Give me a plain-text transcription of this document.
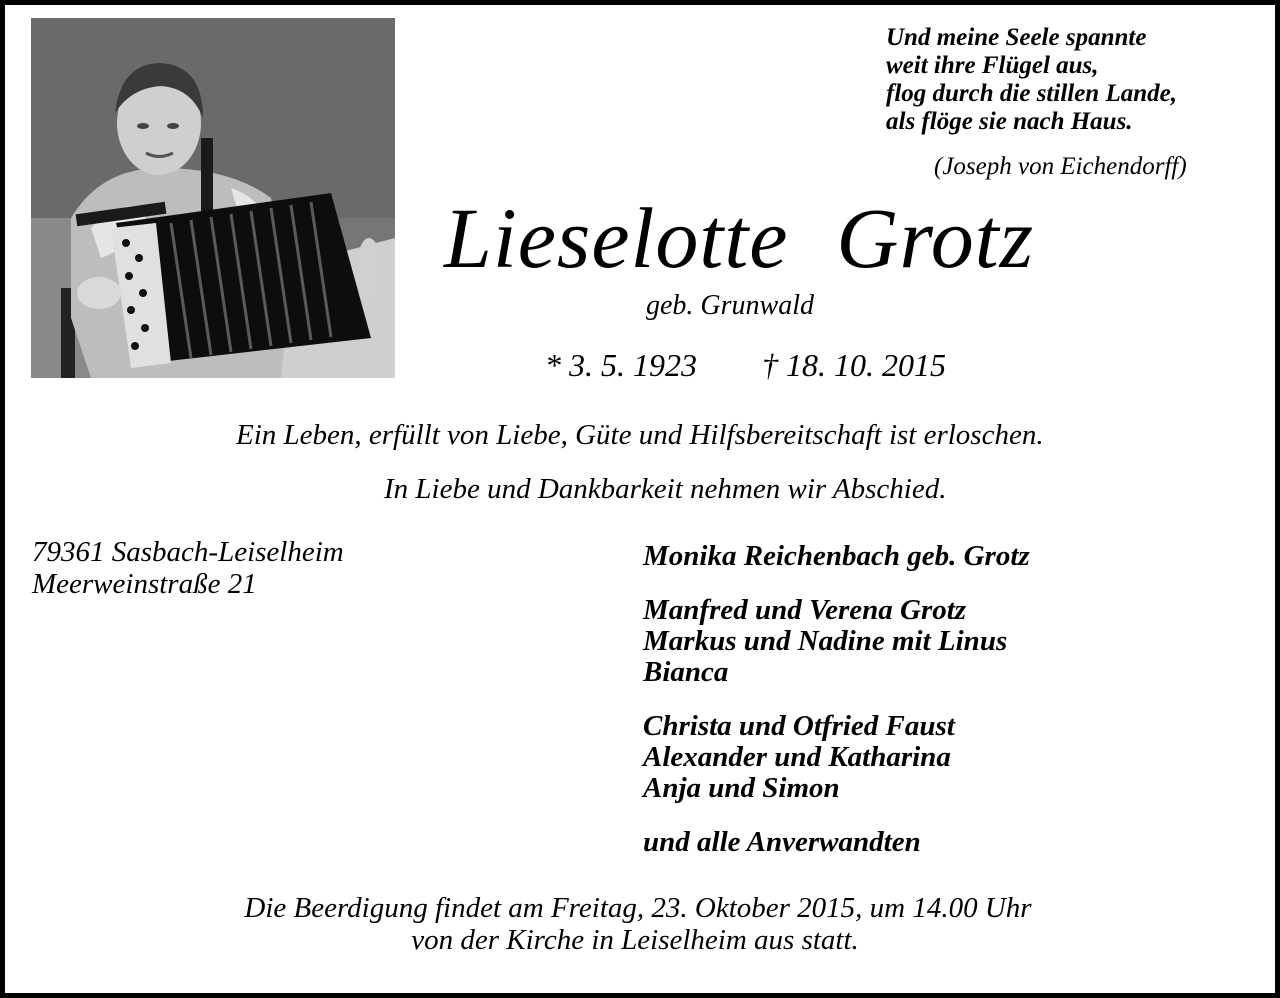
Und meine Seele spannte
weit ihre Flügel aus,
flog durch die stillen Lande,
als flöge sie nach Haus.
(Joseph von Eichendorff)
Lieselotte Grotz
geb. Grunwald
* 3. 5. 1923 † 18. 10. 2015
Ein Leben, erfüllt von Liebe, Güte und Hilfsbereitschaft ist erloschen.
In Liebe und Dankbarkeit nehmen wir Abschied.
79361 Sasbach-Leiselheim
Meerweinstraße 21
Monika Reichenbach geb. Grotz
Manfred und Verena Grotz
Markus und Nadine mit Linus
Bianca
Christa und Otfried Faust
Alexander und Katharina
Anja und Simon
und alle Anverwandten
Die Beerdigung findet am Freitag, 23. Oktober 2015, um 14.00 Uhr
von der Kirche in Leiselheim aus statt.
